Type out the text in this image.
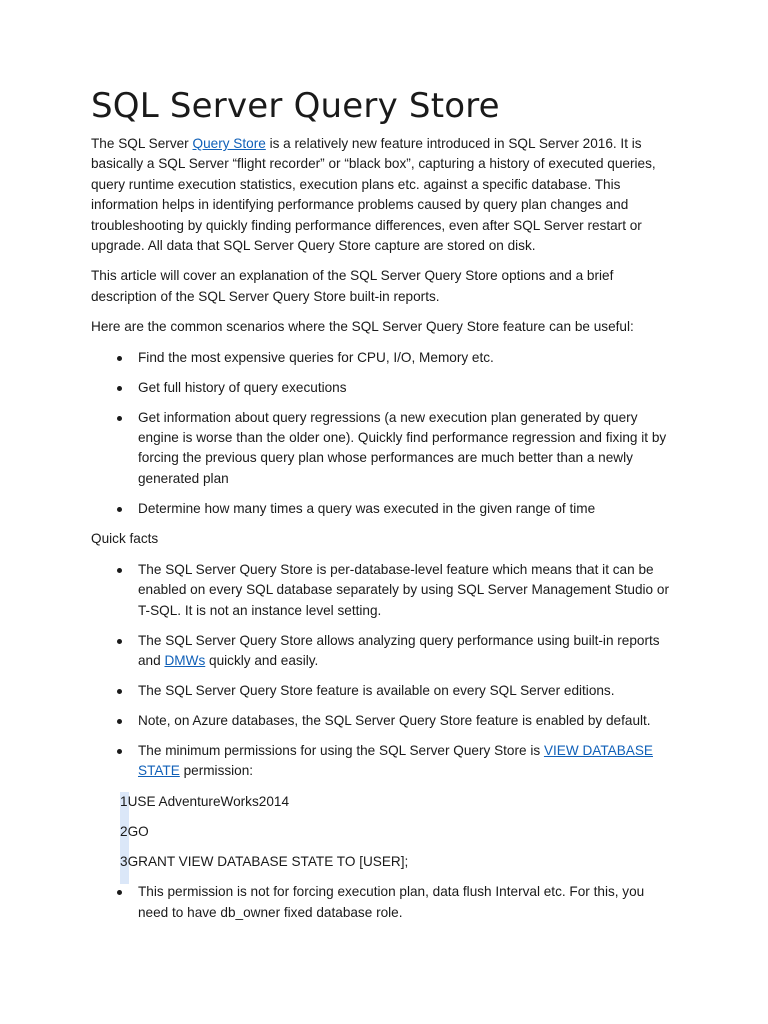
SQL Server Query Store

The SQL Server Query Store is a relatively new feature introduced in SQL Server 2016. It is basically a SQL Server “flight recorder” or “black box”, capturing a history of executed queries, query runtime execution statistics, execution plans etc. against a specific database. This information helps in identifying performance problems caused by query plan changes and troubleshooting by quickly finding performance differences, even after SQL Server restart or upgrade. All data that SQL Server Query Store capture are stored on disk.

This article will cover an explanation of the SQL Server Query Store options and a brief description of the SQL Server Query Store built-in reports.

Here are the common scenarios where the SQL Server Query Store feature can be useful:

Find the most expensive queries for CPU, I/O, Memory etc.
Get full history of query executions
Get information about query regressions (a new execution plan generated by query engine is worse than the older one). Quickly find performance regression and fixing it by forcing the previous query plan whose performances are much better than a newly generated plan
Determine how many times a query was executed in the given range of time

Quick facts

The SQL Server Query Store is per-database-level feature which means that it can be enabled on every SQL database separately by using SQL Server Management Studio or T-SQL. It is not an instance level setting.
The SQL Server Query Store allows analyzing query performance using built-in reports and DMWs quickly and easily.
The SQL Server Query Store feature is available on every SQL Server editions.
Note, on Azure databases, the SQL Server Query Store feature is enabled by default.
The minimum permissions for using the SQL Server Query Store is VIEW DATABASE STATE permission:
1USE AdventureWorks2014
2GO
3GRANT VIEW DATABASE STATE TO [USER];
This permission is not for forcing execution plan, data flush Interval etc. For this, you need to have db_owner fixed database role.
